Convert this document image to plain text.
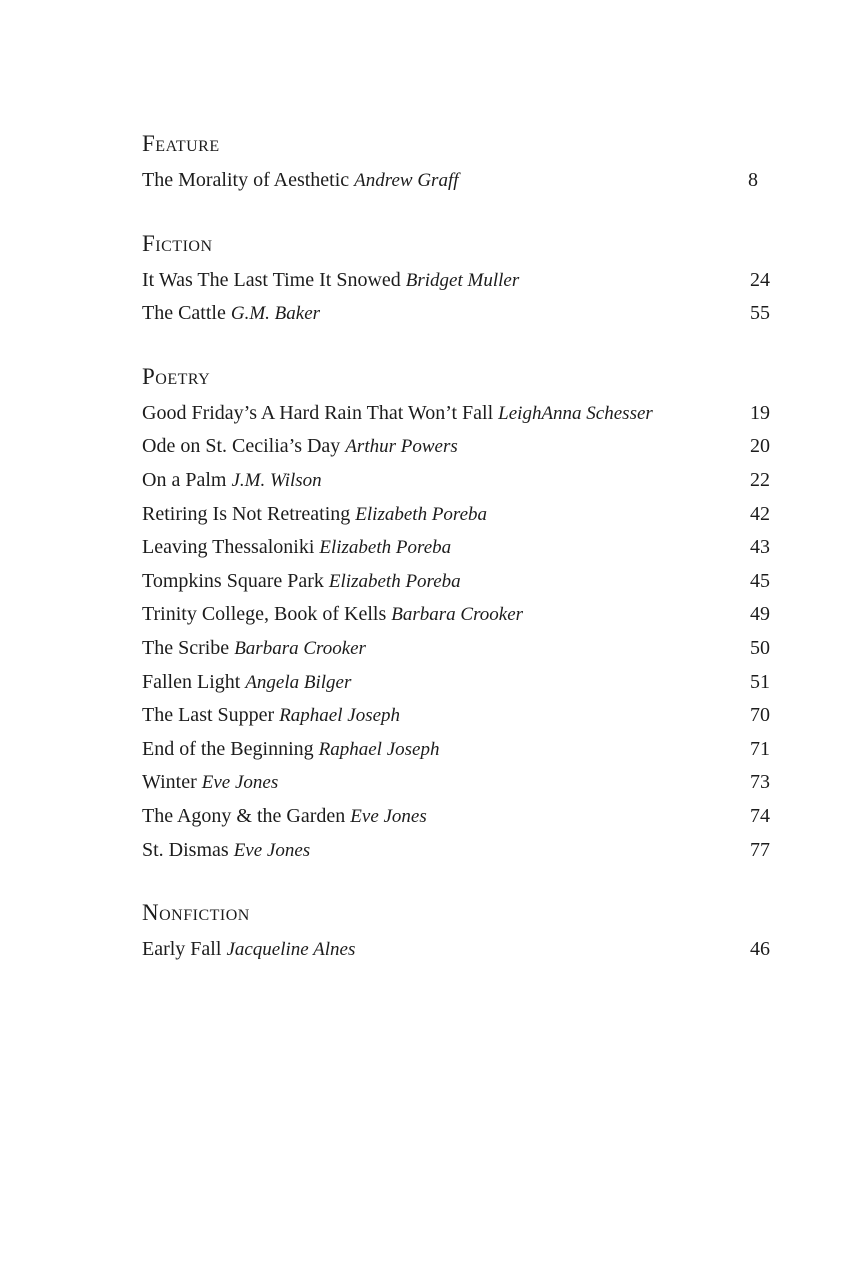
Feature
The Morality of Aesthetic Andrew Graff	8
Fiction
It Was The Last Time It Snowed Bridget Muller	24
The Cattle G.M. Baker	55
Poetry
Good Friday’s A Hard Rain That Won’t Fall LeighAnna Schesser	19
Ode on St. Cecilia’s Day Arthur Powers	20
On a Palm J.M. Wilson	22
Retiring Is Not Retreating Elizabeth Poreba	42
Leaving Thessaloniki Elizabeth Poreba	43
Tompkins Square Park Elizabeth Poreba	45
Trinity College, Book of Kells Barbara Crooker	49
The Scribe Barbara Crooker	50
Fallen Light Angela Bilger	51
The Last Supper Raphael Joseph	70
End of the Beginning Raphael Joseph	71
Winter Eve Jones	73
The Agony & the Garden Eve Jones	74
St. Dismas Eve Jones	77
Nonfiction
Early Fall Jacqueline Alnes	46
